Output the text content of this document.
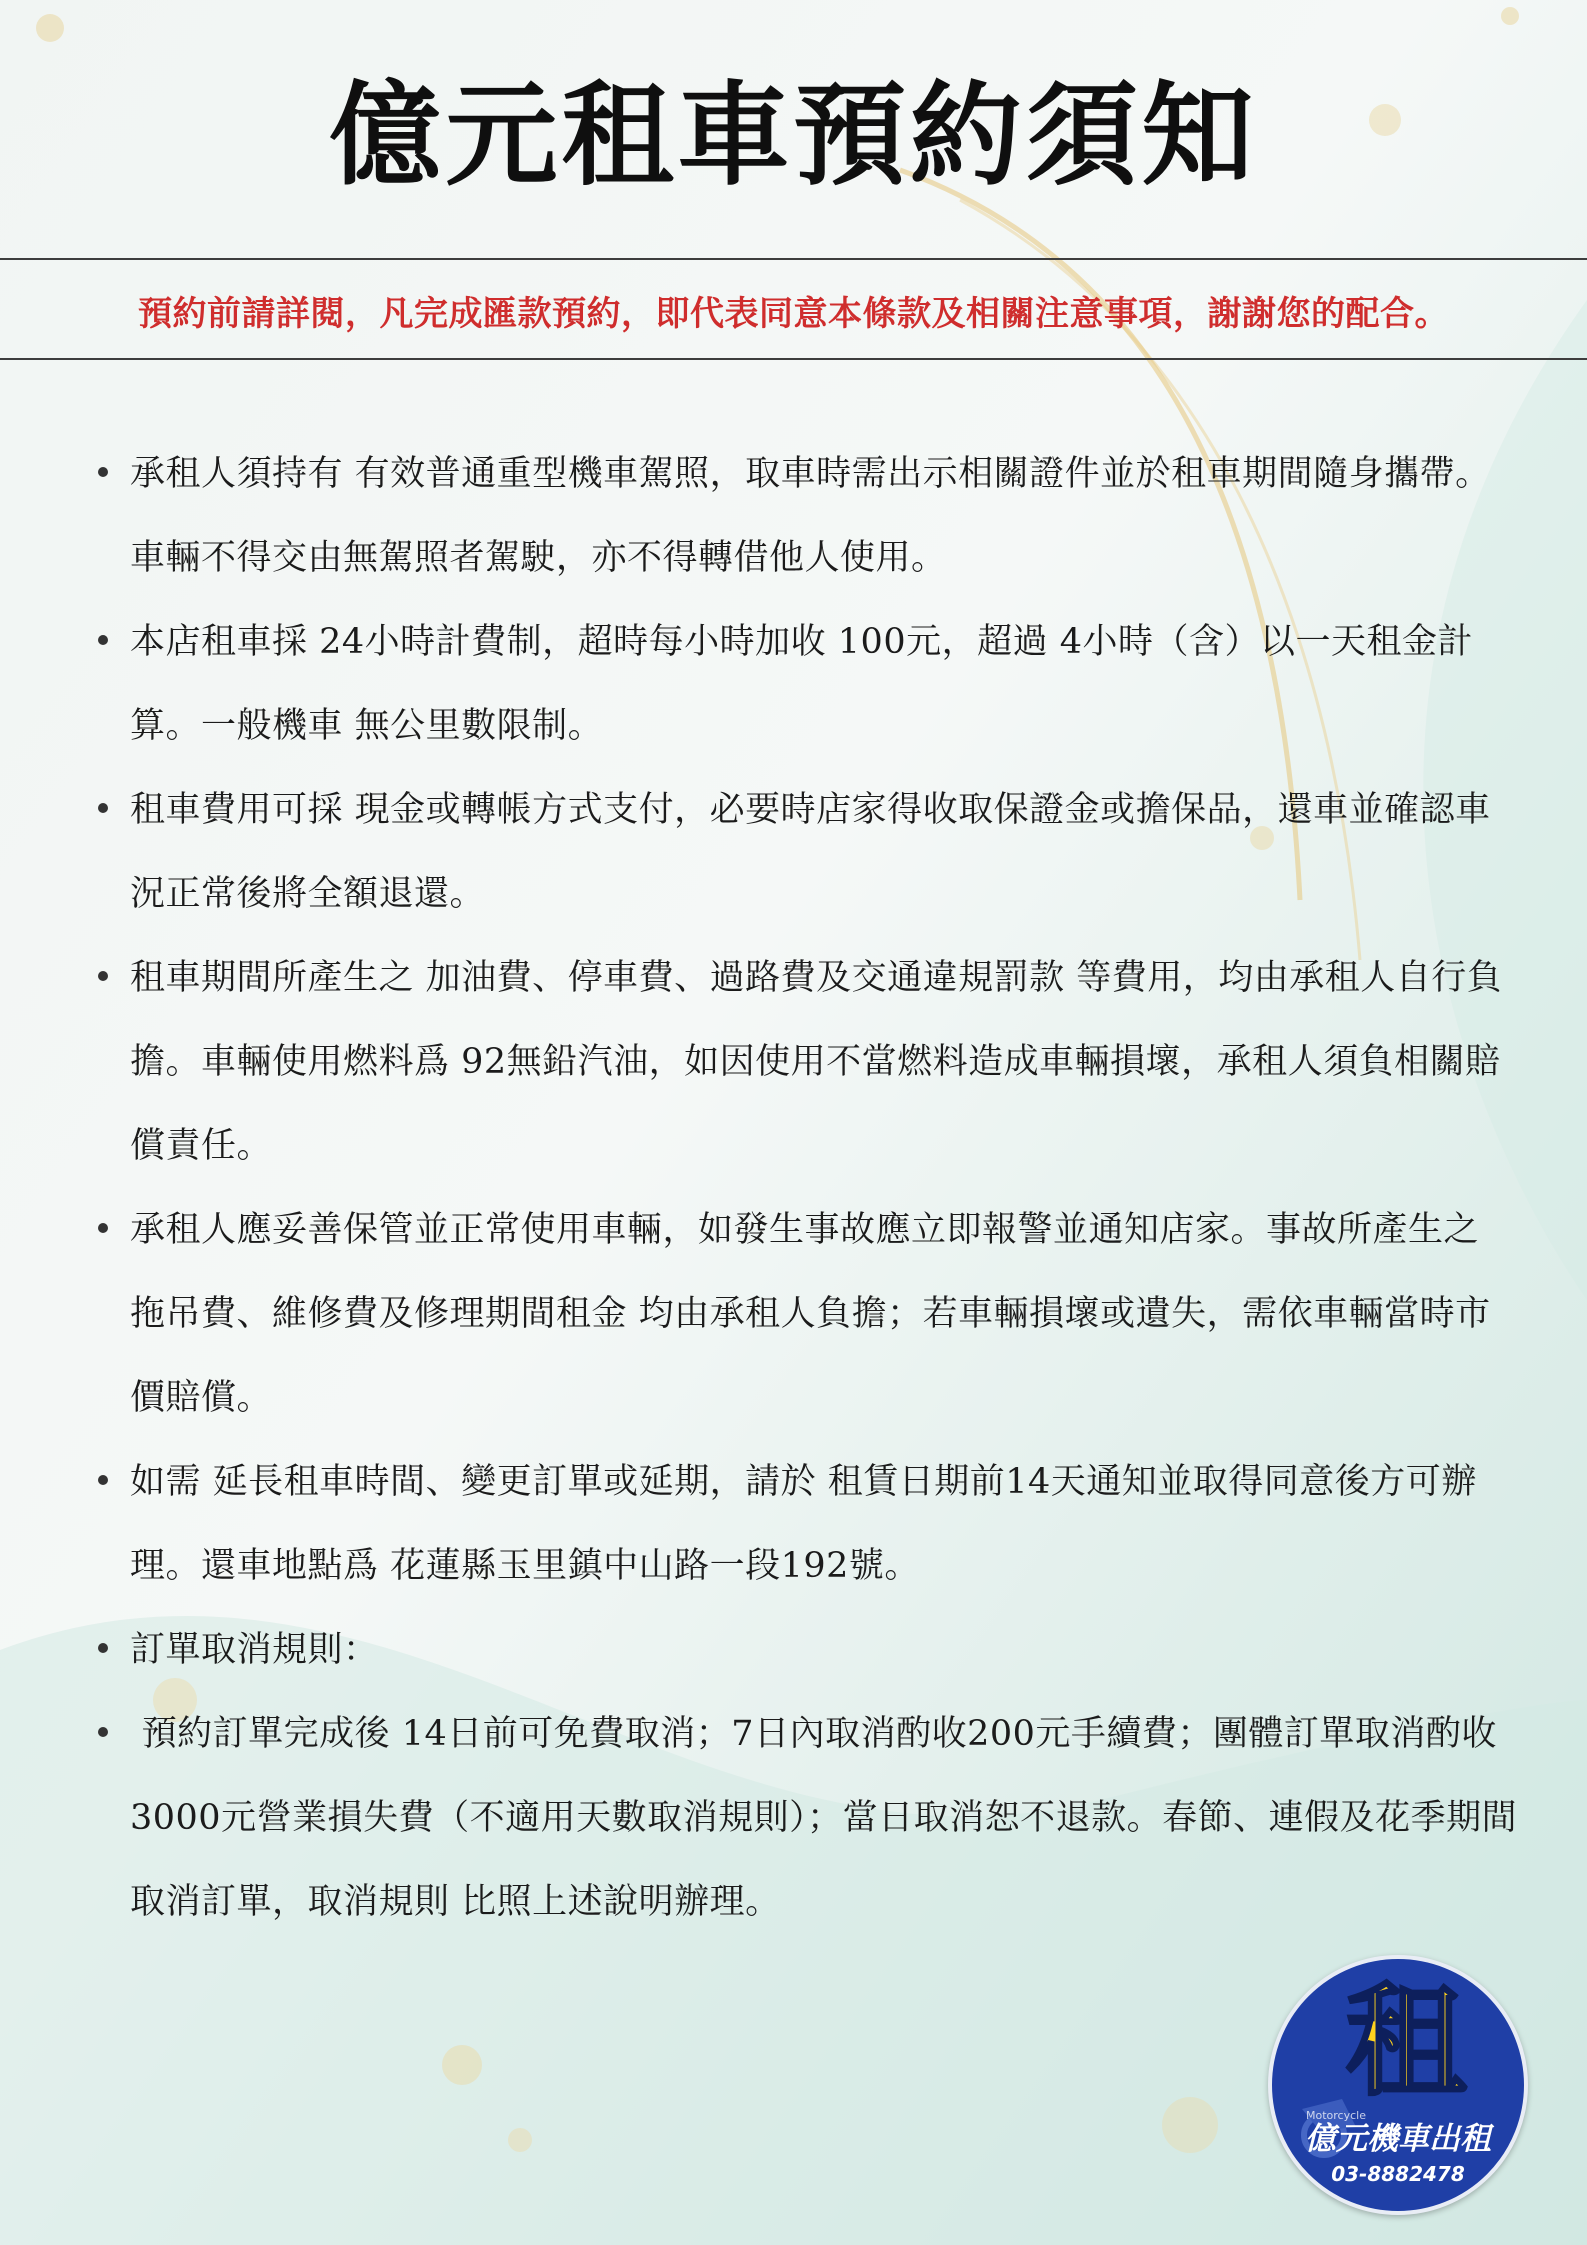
億元租車預約須知
預約前請詳閱，凡完成匯款預約，即代表同意本條款及相關注意事項，謝謝您的配合。
承租人須持有 有效普通重型機車駕照，取車時需出示相關證件並於租車期間隨身攜帶。車輛不得交由無駕照者駕駛，亦不得轉借他人使用。
本店租車採 24小時計費制，超時每小時加收 100元，超過 4小時（含）以一天租金計算。一般機車 無公里數限制。
租車費用可採 現金或轉帳方式支付，必要時店家得收取保證金或擔保品，還車並確認車況正常後將全額退還。
租車期間所產生之 加油費、停車費、過路費及交通違規罰款 等費用，均由承租人自行負擔。車輛使用燃料爲 92無鉛汽油，如因使用不當燃料造成車輛損壞，承租人須負相關賠償責任。
承租人應妥善保管並正常使用車輛，如發生事故應立即報警並通知店家。事故所產生之 拖吊費、維修費及修理期間租金 均由承租人負擔；若車輛損壞或遺失，需依車輛當時市價賠償。
如需 延長租車時間、變更訂單或延期，請於 租賃日期前14天通知並取得同意後方可辦理。還車地點爲 花蓮縣玉里鎮中山路一段192號。
訂單取消規則：
預約訂單完成後 14日前可免費取消；7日內取消酌收200元手續費；團體訂單取消酌收3000元營業損失費（不適用天數取消規則）；當日取消恕不退款。春節、連假及花季期間取消訂單，取消規則 比照上述說明辦理。
Motorcycle
租
億元機車出租
03-8882478
